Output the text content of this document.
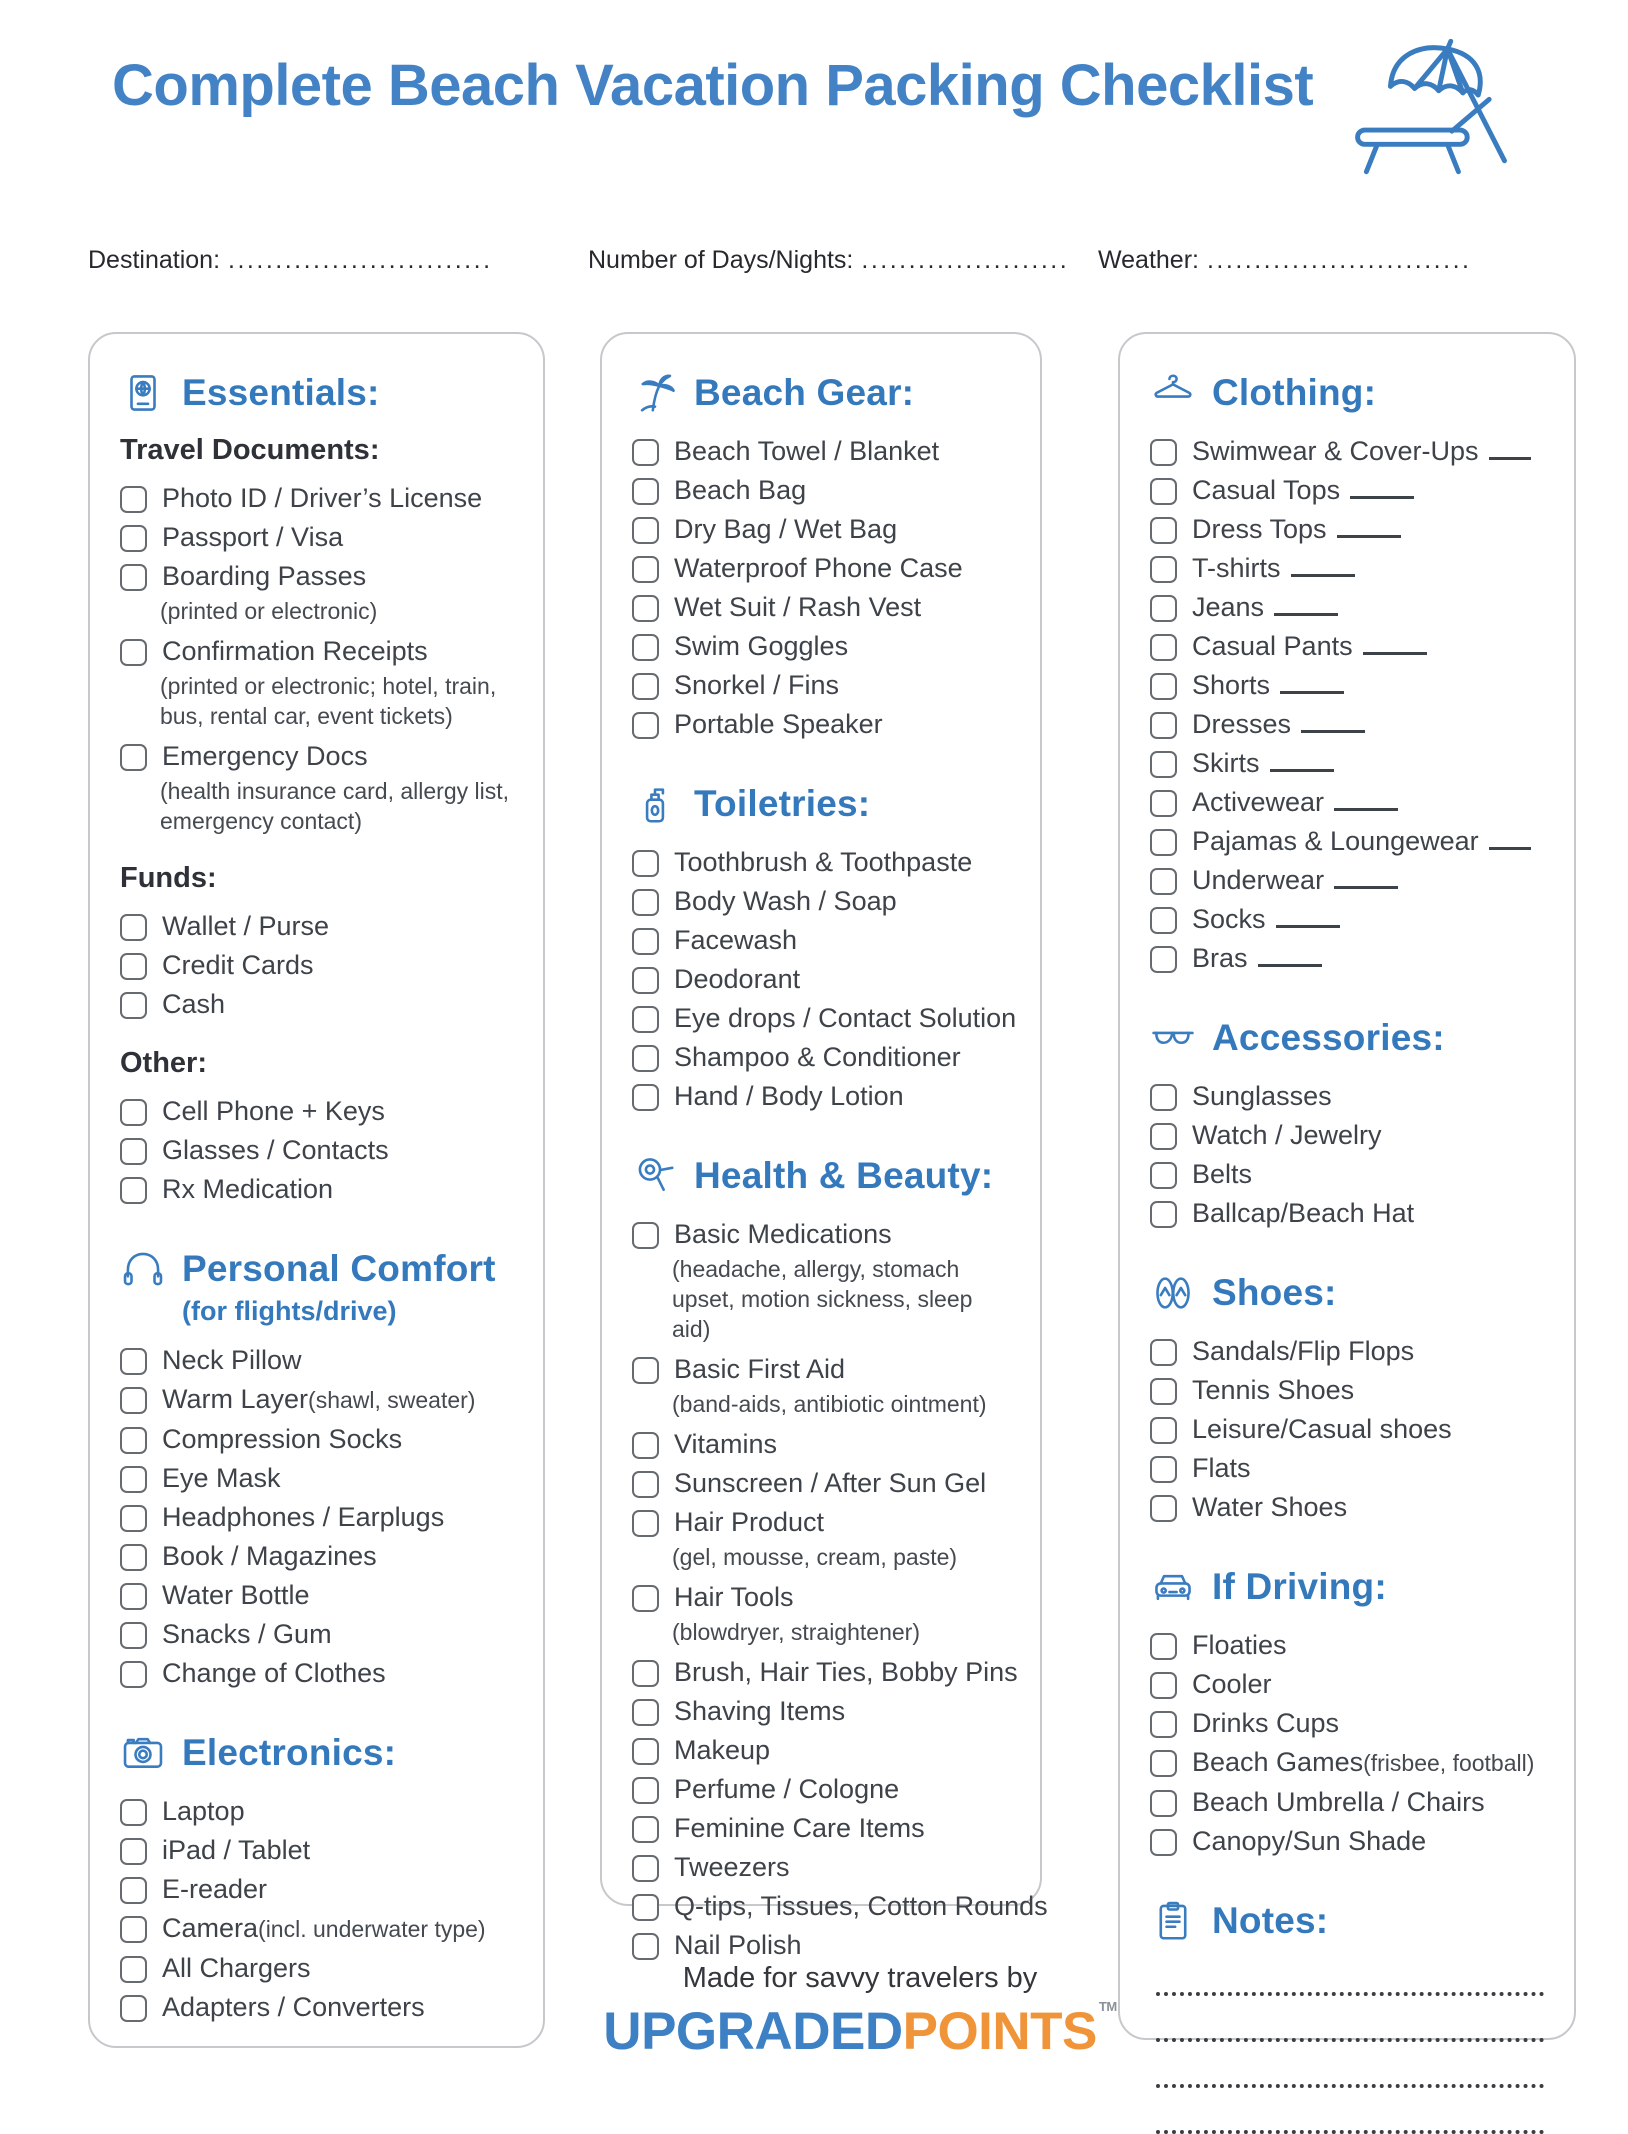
Complete Beach Vacation Packing Checklist
Destination: ............................	Number of Days/Nights: ...................... Weather: ............................
Essentials:
Travel Documents:
Photo ID / Driver’s License
Passport / Visa
Boarding Passes
(printed or electronic)
Confirmation Receipts
(printed or electronic; hotel, train, bus, rental car, event tickets)
Emergency Docs
(health insurance card, allergy list, emergency contact)
Funds:
Wallet / Purse
Credit Cards
Cash
Other:
Cell Phone + Keys
Glasses / Contacts
Rx Medication
Personal Comfort
(for flights/drive)
Neck Pillow
Warm Layer(shawl, sweater)
Compression Socks
Eye Mask
Headphones / Earplugs
Book / Magazines
Water Bottle
Snacks / Gum
Change of Clothes
Electronics:
Laptop
iPad / Tablet
E-reader
Camera(incl. underwater type)
All Chargers
Adapters / Converters
Beach Gear:
Beach Towel / Blanket
Beach Bag
Dry Bag / Wet Bag
Waterproof Phone Case
Wet Suit / Rash Vest
Swim Goggles
Snorkel / Fins
Portable Speaker
Toiletries:
Toothbrush & Toothpaste
Body Wash / Soap
Facewash
Deodorant
Eye drops / Contact Solution
Shampoo & Conditioner
Hand / Body Lotion
Health & Beauty:
Basic Medications
(headache, allergy, stomach upset, motion sickness, sleep aid)
Basic First Aid
(band-aids, antibiotic ointment)
Vitamins
Sunscreen / After Sun Gel
Hair Product
(gel, mousse, cream, paste)
Hair Tools
(blowdryer, straightener)
Brush, Hair Ties, Bobby Pins
Shaving Items
Makeup
Perfume / Cologne
Feminine Care Items
Tweezers
Q-tips, Tissues, Cotton Rounds
Nail Polish
Clothing:
Swimwear & Cover-Ups
Casual Tops
Dress Tops
T-shirts
Jeans
Casual Pants
Shorts
Dresses
Skirts
Activewear
Pajamas & Loungewear
Underwear
Socks
Bras
Accessories:
Sunglasses
Watch / Jewelry
Belts
Ballcap/Beach Hat
Shoes:
Sandals/Flip Flops
Tennis Shoes
Leisure/Casual shoes
Flats
Water Shoes
If Driving:
Floaties
Cooler
Drinks Cups
Beach Games(frisbee, football)
Beach Umbrella / Chairs
Canopy/Sun Shade
Notes:
Made for savvy travelers by
UPGRADEDPOINTS ™
